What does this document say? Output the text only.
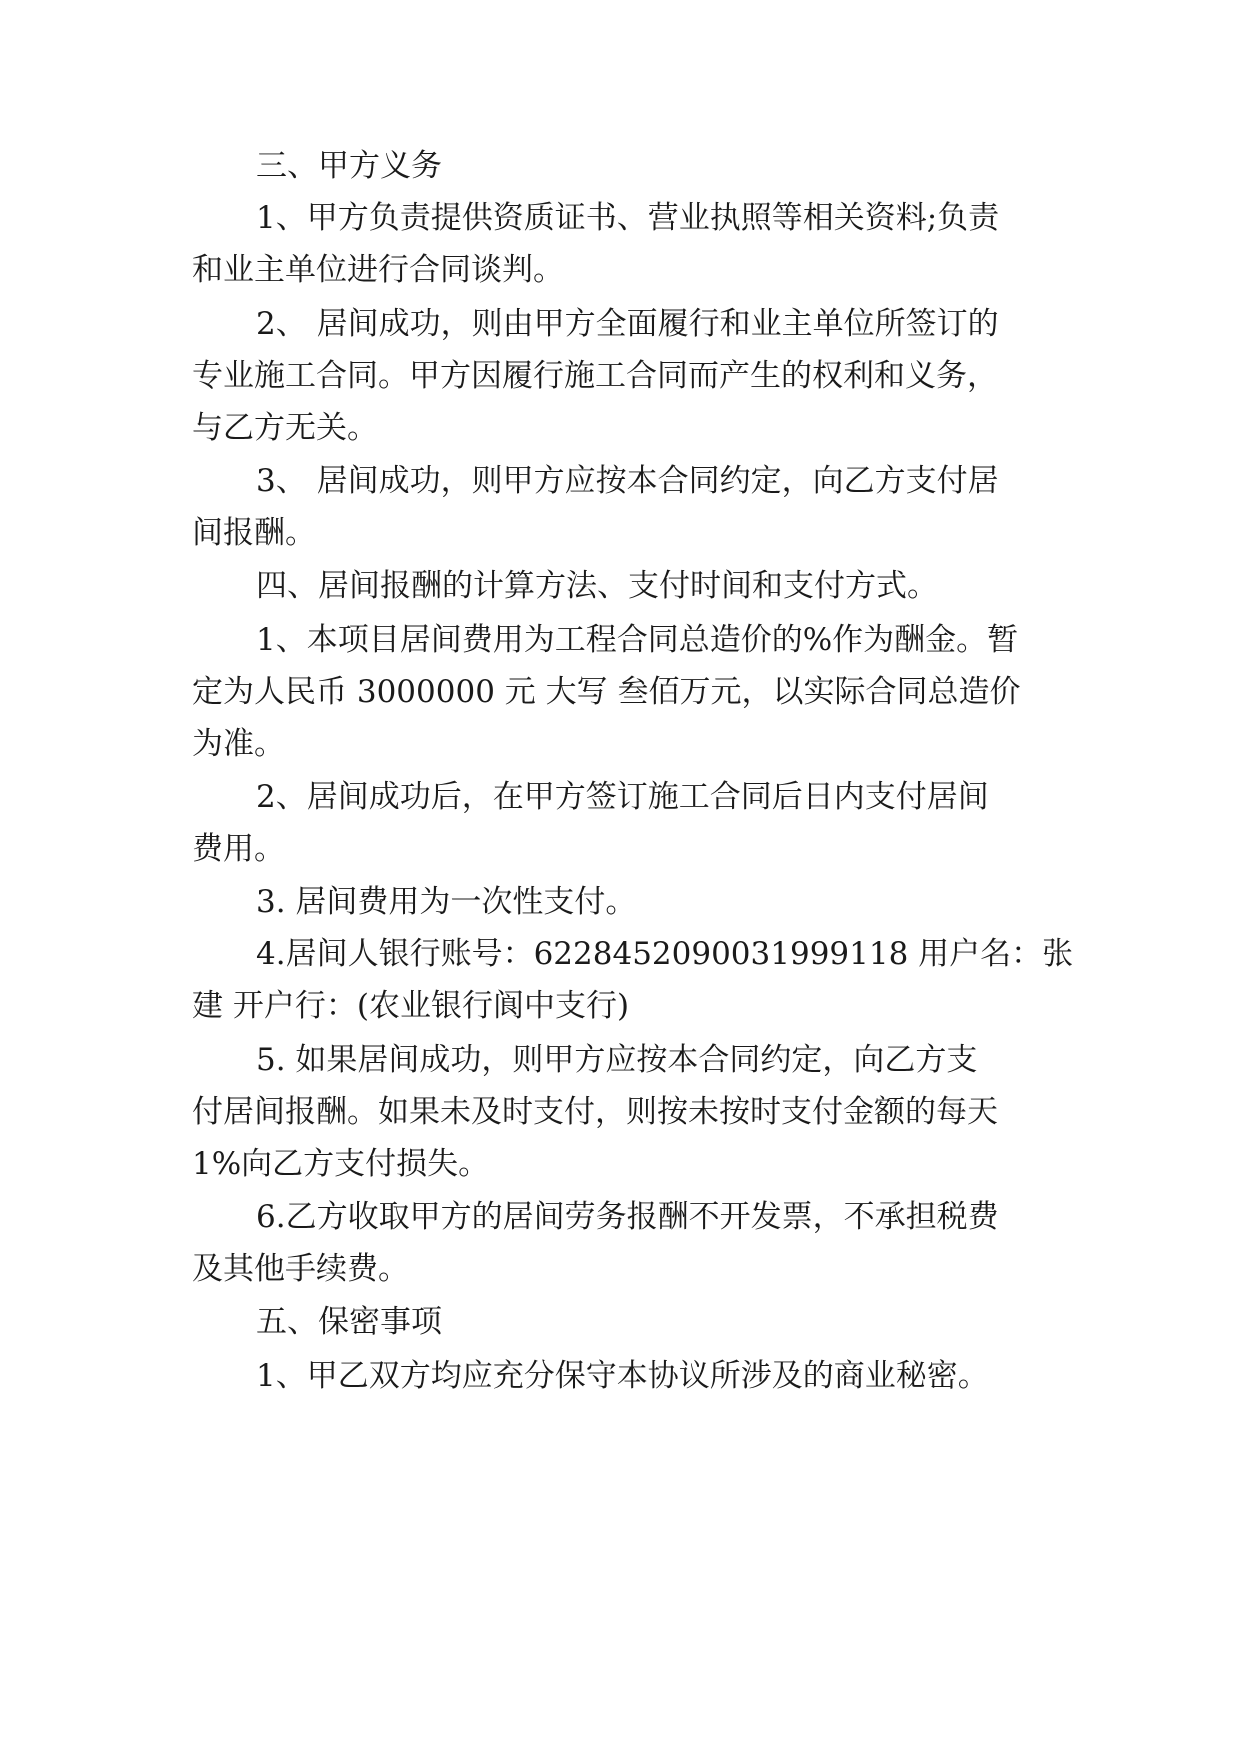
三、甲方义务
1、甲方负责提供资质证书、营业执照等相关资料;负责
和业主单位进行合同谈判。
2、 居间成功，则由甲方全面履行和业主单位所签订的
专业施工合同。甲方因履行施工合同而产生的权利和义务，
与乙方无关。
3、 居间成功，则甲方应按本合同约定，向乙方支付居
间报酬。
四、居间报酬的计算方法、支付时间和支付方式。
1、本项目居间费用为工程合同总造价的%作为酬金。暂
定为人民币 3000000 元 大写 叁佰万元，以实际合同总造价
为准。
2、居间成功后，在甲方签订施工合同后日内支付居间
费用。
3. 居间费用为一次性支付。
4.居间人银行账号：6228452090031999118 用户名：张
建 开户行：(农业银行阆中支行)
5. 如果居间成功，则甲方应按本合同约定，向乙方支
付居间报酬。如果未及时支付，则按未按时支付金额的每天
1%向乙方支付损失。
6.乙方收取甲方的居间劳务报酬不开发票，不承担税费
及其他手续费。
五、保密事项
1、甲乙双方均应充分保守本协议所涉及的商业秘密。
